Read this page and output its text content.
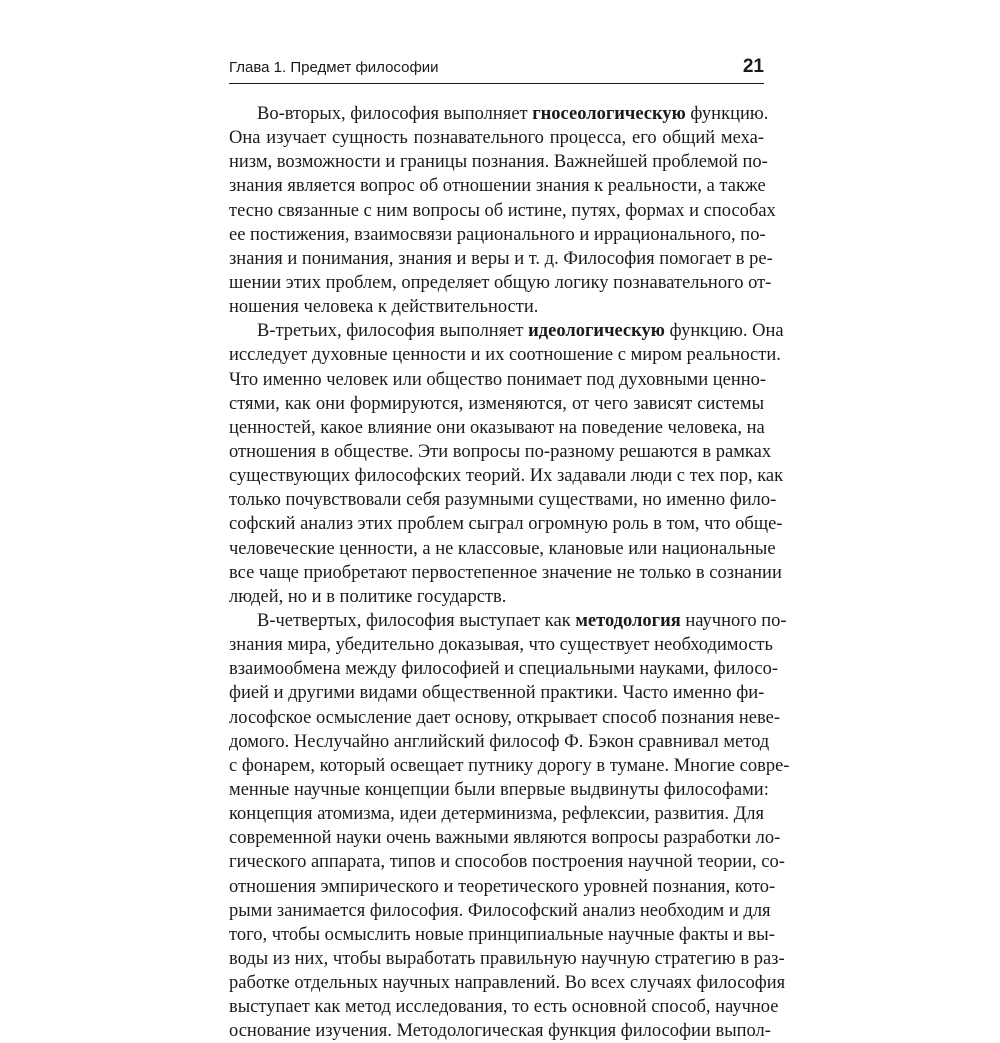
Глава 1. Предмет философии	21
Во-вторых, философия выполняет гносеологическую функцию.
Она изучает сущность познавательного процесса, его общий меха-
низм, возможности и границы познания. Важнейшей проблемой по-
знания является вопрос об отношении знания к реальности, а также
тесно связанные с ним вопросы об истине, путях, формах и способах
ее постижения, взаимосвязи рационального и иррационального, по-
знания и понимания, знания и веры и т. д. Философия помогает в ре-
шении этих проблем, определяет общую логику познавательного от-
ношения человека к действительности.
В-третьих, философия выполняет идеологическую функцию. Она
исследует духовные ценности и их соотношение с миром реальности.
Что именно человек или общество понимает под духовными ценно-
стями, как они формируются, изменяются, от чего зависят системы
ценностей, какое влияние они оказывают на поведение человека, на
отношения в обществе. Эти вопросы по-разному решаются в рамках
существующих философских теорий. Их задавали люди с тех пор, как
только почувствовали себя разумными существами, но именно фило-
софский анализ этих проблем сыграл огромную роль в том, что обще-
человеческие ценности, а не классовые, клановые или национальные
все чаще приобретают первостепенное значение не только в сознании
людей, но и в политике государств.
В-четвертых, философия выступает как методология научного по-
знания мира, убедительно доказывая, что существует необходимость
взаимообмена между философией и специальными науками, филосо-
фией и другими видами общественной практики. Часто именно фи-
лософское осмысление дает основу, открывает способ познания неве-
домого. Неслучайно английский философ Ф. Бэкон сравнивал метод
с фонарем, который освещает путнику дорогу в тумане. Многие совре-
менные научные концепции были впервые выдвинуты философами:
концепция атомизма, идеи детерминизма, рефлексии, развития. Для
современной науки очень важными являются вопросы разработки ло-
гического аппарата, типов и способов построения научной теории, со-
отношения эмпирического и теоретического уровней познания, кото-
рыми занимается философия. Философский анализ необходим и для
того, чтобы осмыслить новые принципиальные научные факты и вы-
воды из них, чтобы выработать правильную научную стратегию в раз-
работке отдельных научных направлений. Во всех случаях философия
выступает как метод исследования, то есть основной способ, научное
основание изучения. Методологическая функция философии выпол-
